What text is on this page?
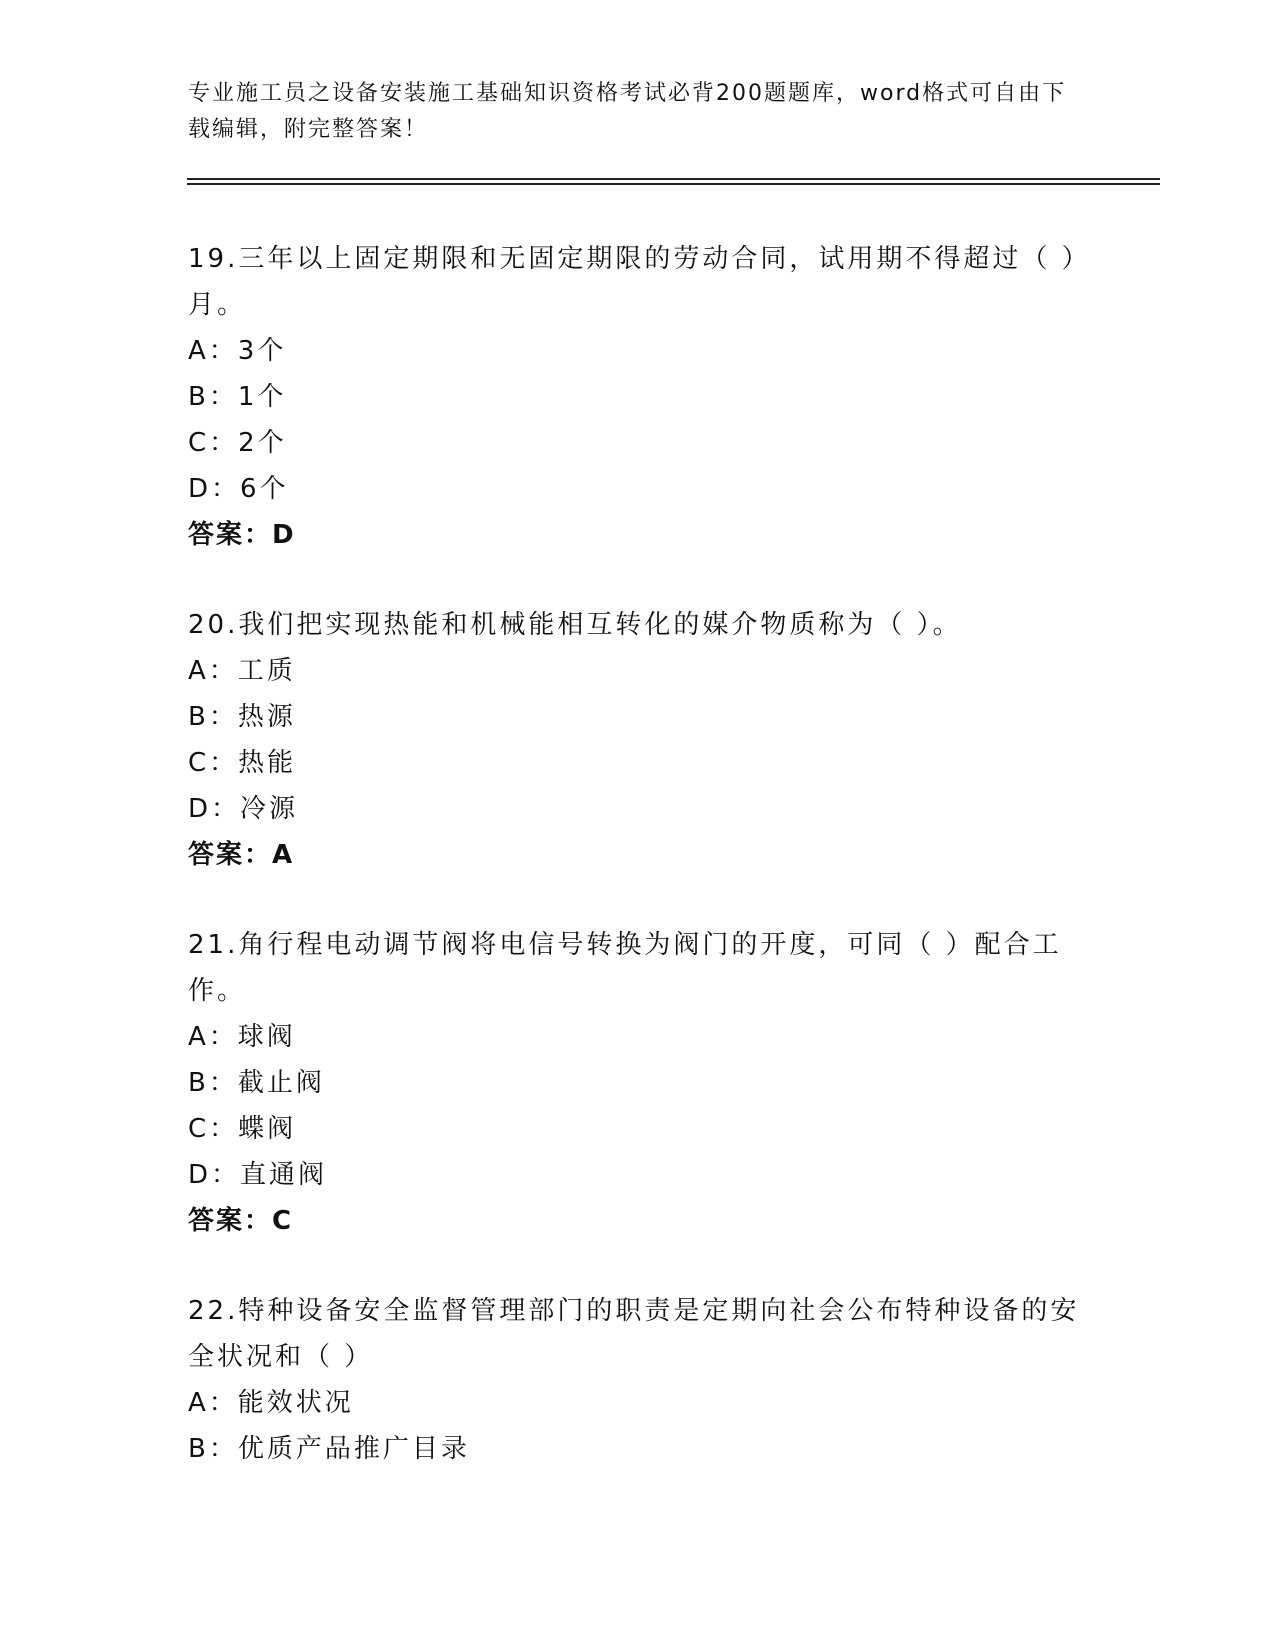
专业施工员之设备安装施工基础知识资格考试必背200题题库，word格式可自由下载编辑，附完整答案！

19.三年以上固定期限和无固定期限的劳动合同，试用期不得超过（ ）月。

A：3个

B：1个

C：2个

D：6个

答案：D

20.我们把实现热能和机械能相互转化的媒介物质称为（ ）。

A：工质

B：热源

C：热能

D：冷源

答案：A

21.角行程电动调节阀将电信号转换为阀门的开度，可同（ ）配合工作。

A：球阀

B：截止阀

C：蝶阀

D：直通阀

答案：C

22.特种设备安全监督管理部门的职责是定期向社会公布特种设备的安全状况和（ ）

A：能效状况

B：优质产品推广目录
